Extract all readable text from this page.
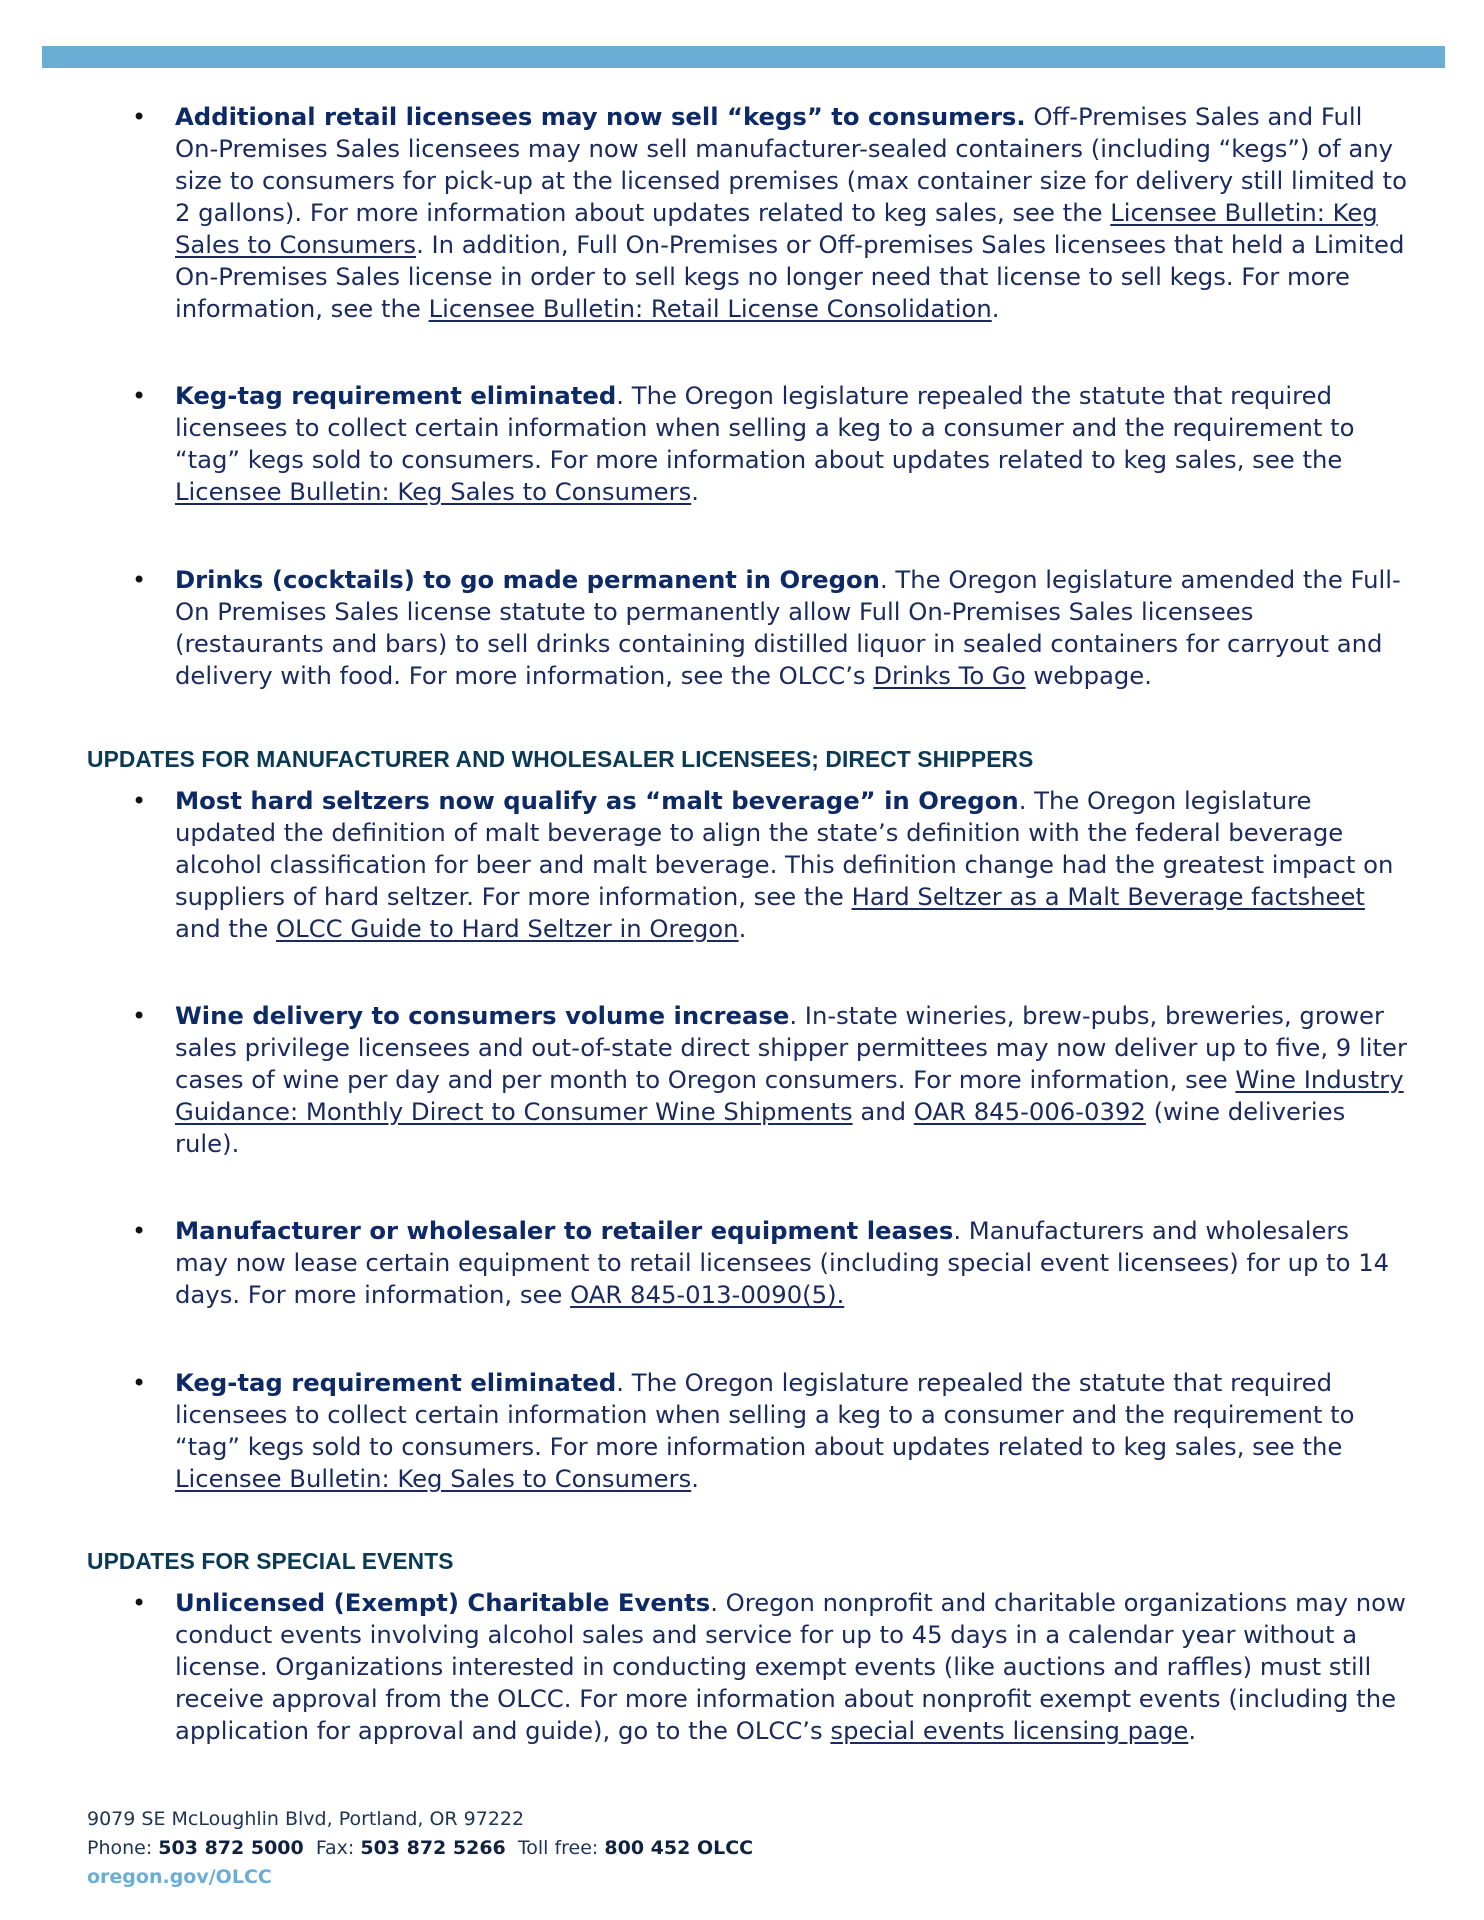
• Additional retail licensees may now sell “kegs” to consumers. Off-Premises Sales and Full On-Premises Sales licensees may now sell manufacturer-sealed containers (including “kegs”) of any size to consumers for pick-up at the licensed premises (max container size for delivery still limited to 2 gallons). For more information about updates related to keg sales, see the Licensee Bulletin: Keg Sales to Consumers. In addition, Full On-Premises or Off-premises Sales licensees that held a Limited On-Premises Sales license in order to sell kegs no longer need that license to sell kegs. For more information, see the Licensee Bulletin: Retail License Consolidation.
• Keg-tag requirement eliminated. The Oregon legislature repealed the statute that required licensees to collect certain information when selling a keg to a consumer and the requirement to “tag” kegs sold to consumers. For more information about updates related to keg sales, see the Licensee Bulletin: Keg Sales to Consumers.
• Drinks (cocktails) to go made permanent in Oregon. The Oregon legislature amended the Full-On Premises Sales license statute to permanently allow Full On-Premises Sales licensees (restaurants and bars) to sell drinks containing distilled liquor in sealed containers for carryout and delivery with food. For more information, see the OLCC’s Drinks To Go webpage.
UPDATES FOR MANUFACTURER AND WHOLESALER LICENSEES; DIRECT SHIPPERS
• Most hard seltzers now qualify as “malt beverage” in Oregon. The Oregon legislature updated the definition of malt beverage to align the state’s definition with the federal beverage alcohol classification for beer and malt beverage. This definition change had the greatest impact on suppliers of hard seltzer. For more information, see the Hard Seltzer as a Malt Beverage factsheet and the OLCC Guide to Hard Seltzer in Oregon.
• Wine delivery to consumers volume increase. In-state wineries, brew-pubs, breweries, grower sales privilege licensees and out-of-state direct shipper permittees may now deliver up to five, 9 liter cases of wine per day and per month to Oregon consumers. For more information, see Wine Industry Guidance: Monthly Direct to Consumer Wine Shipments and OAR 845-006-0392 (wine deliveries rule).
• Manufacturer or wholesaler to retailer equipment leases. Manufacturers and wholesalers may now lease certain equipment to retail licensees (including special event licensees) for up to 14 days. For more information, see OAR 845-013-0090(5).
• Keg-tag requirement eliminated. The Oregon legislature repealed the statute that required licensees to collect certain information when selling a keg to a consumer and the requirement to “tag” kegs sold to consumers. For more information about updates related to keg sales, see the Licensee Bulletin: Keg Sales to Consumers.
UPDATES FOR SPECIAL EVENTS
• Unlicensed (Exempt) Charitable Events. Oregon nonprofit and charitable organizations may now conduct events involving alcohol sales and service for up to 45 days in a calendar year without a license. Organizations interested in conducting exempt events (like auctions and raffles) must still receive approval from the OLCC. For more information about nonprofit exempt events (including the application for approval and guide), go to the OLCC’s special events licensing page.
9079 SE McLoughlin Blvd, Portland, OR 97222
Phone: 503 872 5000 Fax: 503 872 5266 Toll free: 800 452 OLCC
oregon.gov/OLCC
